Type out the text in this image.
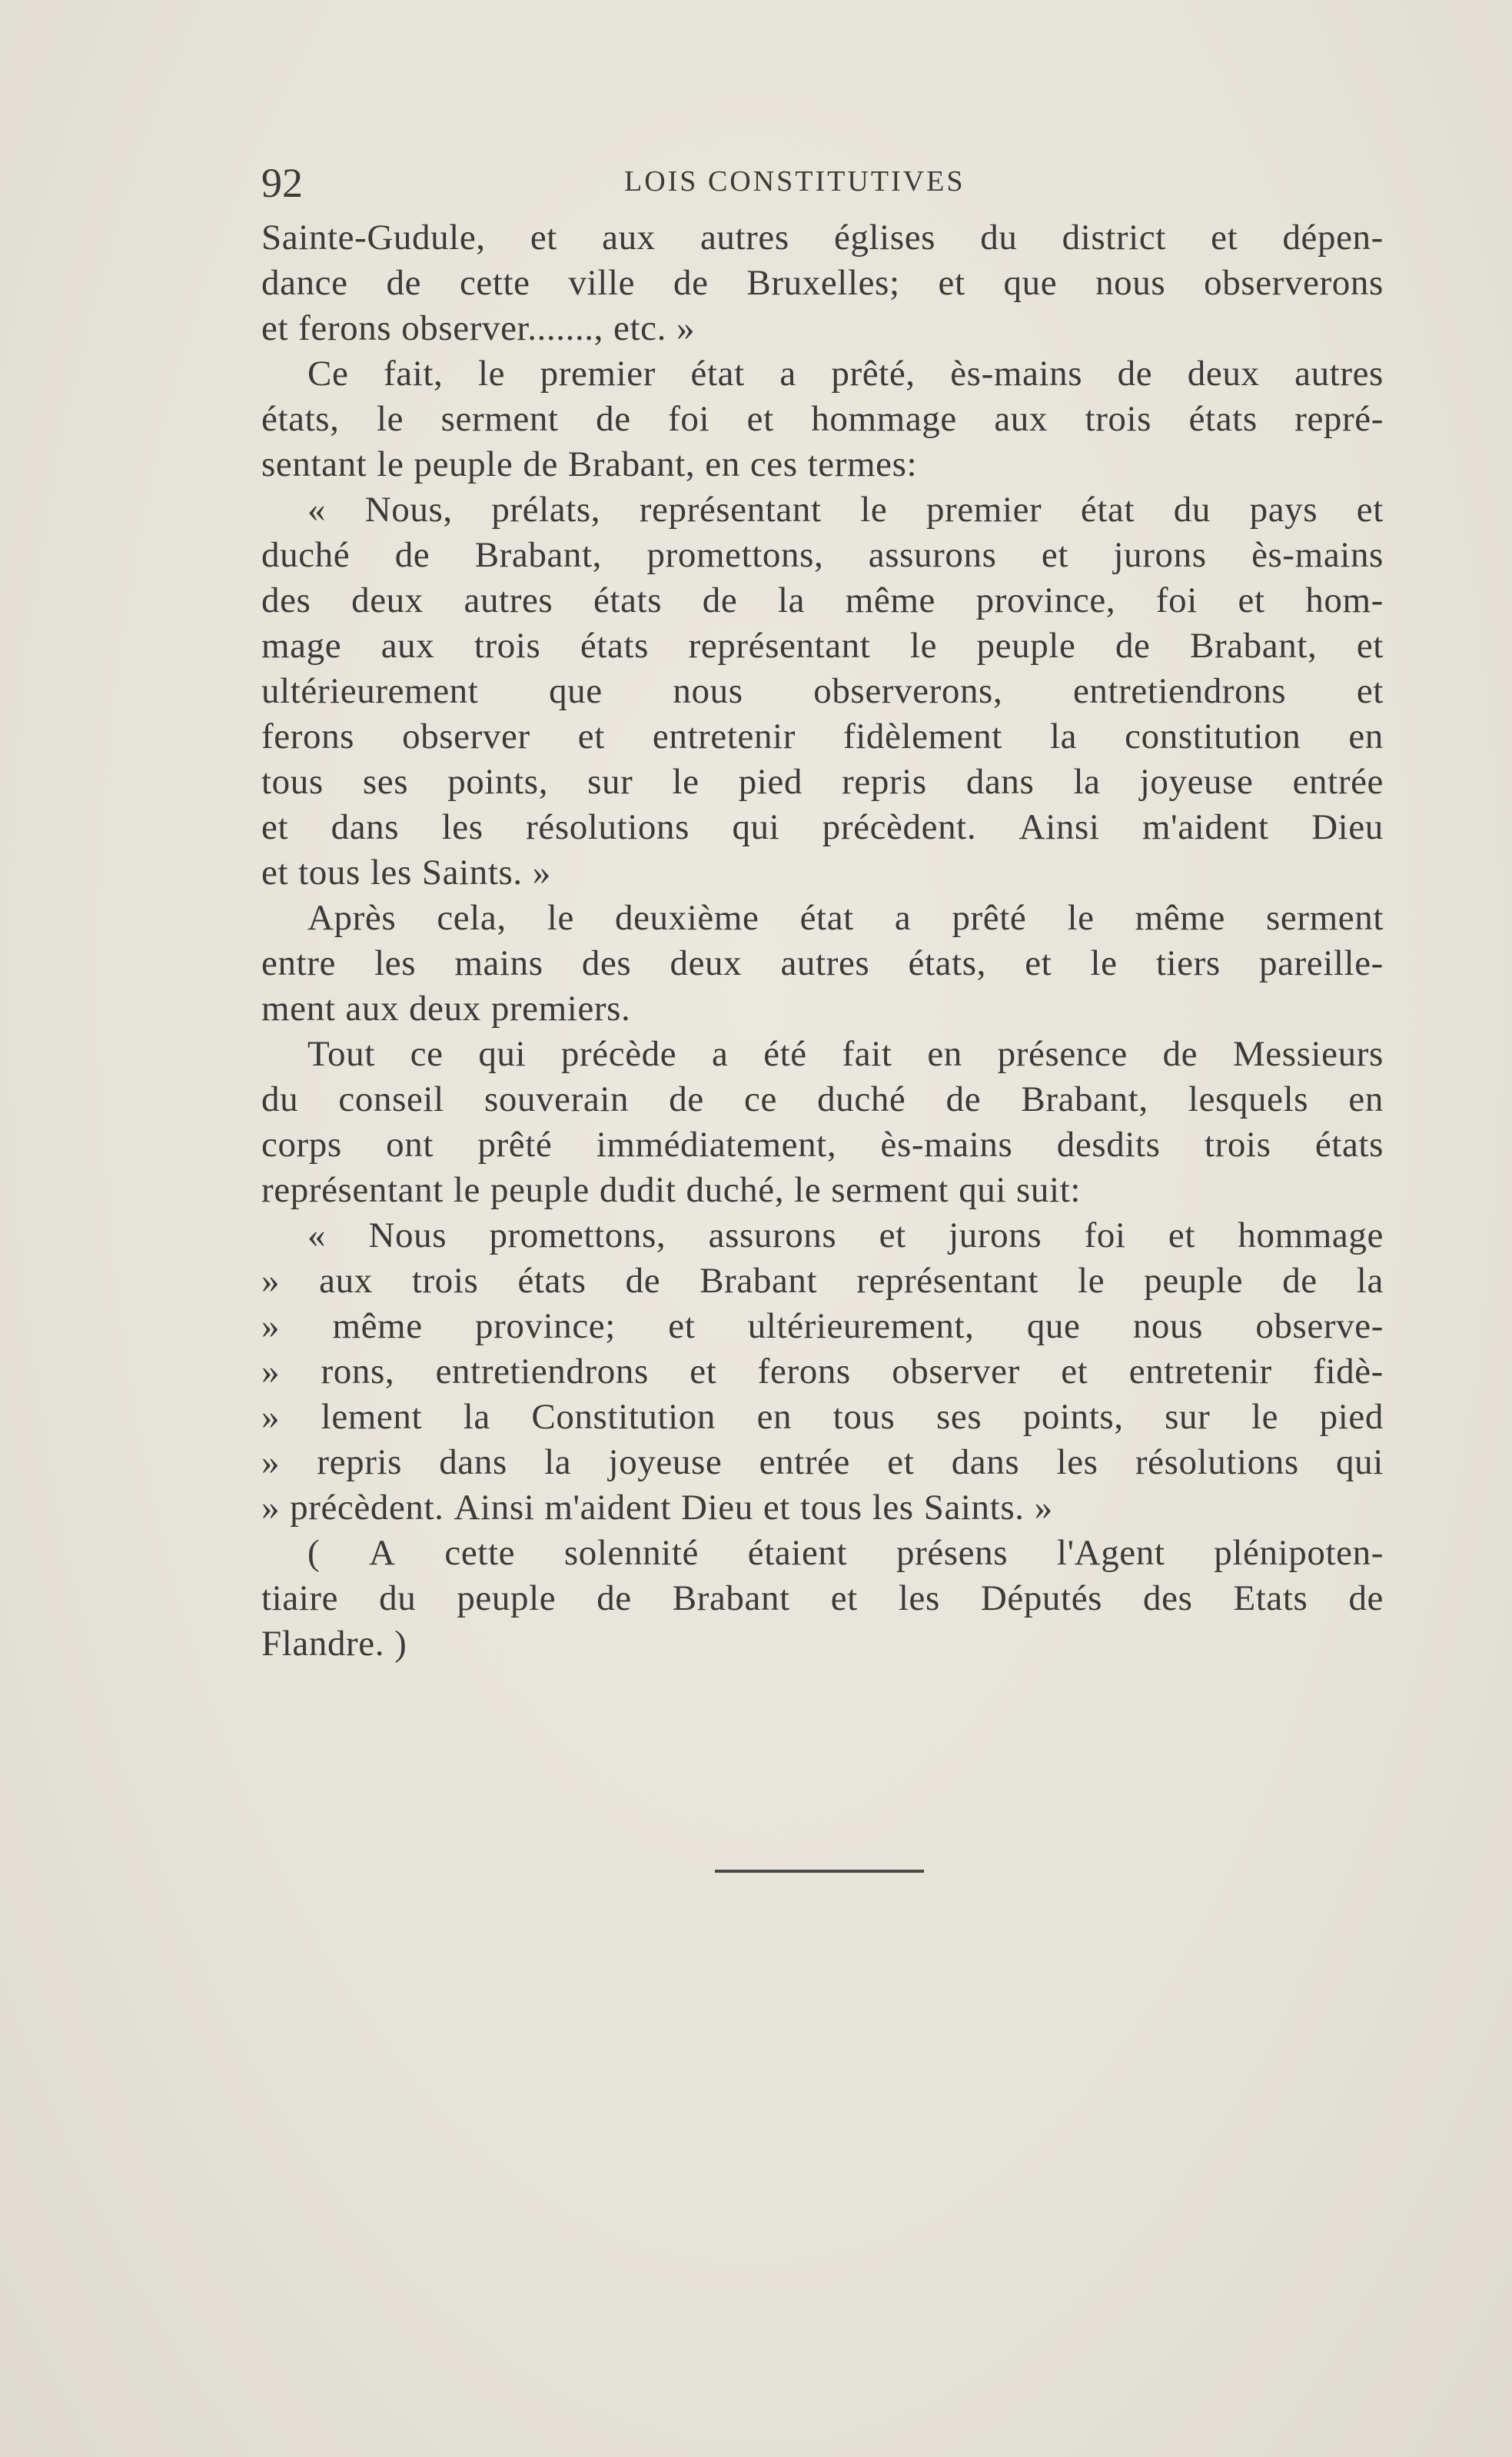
92	LOIS CONSTITUTIVES
Sainte-Gudule, et aux autres églises du district et dépen-
dance de cette ville de Bruxelles; et que nous observerons
et ferons observer......., etc. »
Ce fait, le premier état a prêté, ès-mains de deux autres
états, le serment de foi et hommage aux trois états repré-
sentant le peuple de Brabant, en ces termes:
« Nous, prélats, représentant le premier état du pays et
duché de Brabant, promettons, assurons et jurons ès-mains
des deux autres états de la même province, foi et hom-
mage aux trois états représentant le peuple de Brabant, et
ultérieurement que nous observerons, entretiendrons et
ferons observer et entretenir fidèlement la constitution en
tous ses points, sur le pied repris dans la joyeuse entrée
et dans les résolutions qui précèdent. Ainsi m'aident Dieu
et tous les Saints. »
Après cela, le deuxième état a prêté le même serment
entre les mains des deux autres états, et le tiers pareille-
ment aux deux premiers.
Tout ce qui précède a été fait en présence de Messieurs
du conseil souverain de ce duché de Brabant, lesquels en
corps ont prêté immédiatement, ès-mains desdits trois états
représentant le peuple dudit duché, le serment qui suit:
« Nous promettons, assurons et jurons foi et hommage
» aux trois états de Brabant représentant le peuple de la
» même province; et ultérieurement, que nous observe-
» rons, entretiendrons et ferons observer et entretenir fidè-
» lement la Constitution en tous ses points, sur le pied
» repris dans la joyeuse entrée et dans les résolutions qui
» précèdent. Ainsi m'aident Dieu et tous les Saints. »
( A cette solennité étaient présens l'Agent plénipoten-
tiaire du peuple de Brabant et les Députés des Etats de
Flandre. )
